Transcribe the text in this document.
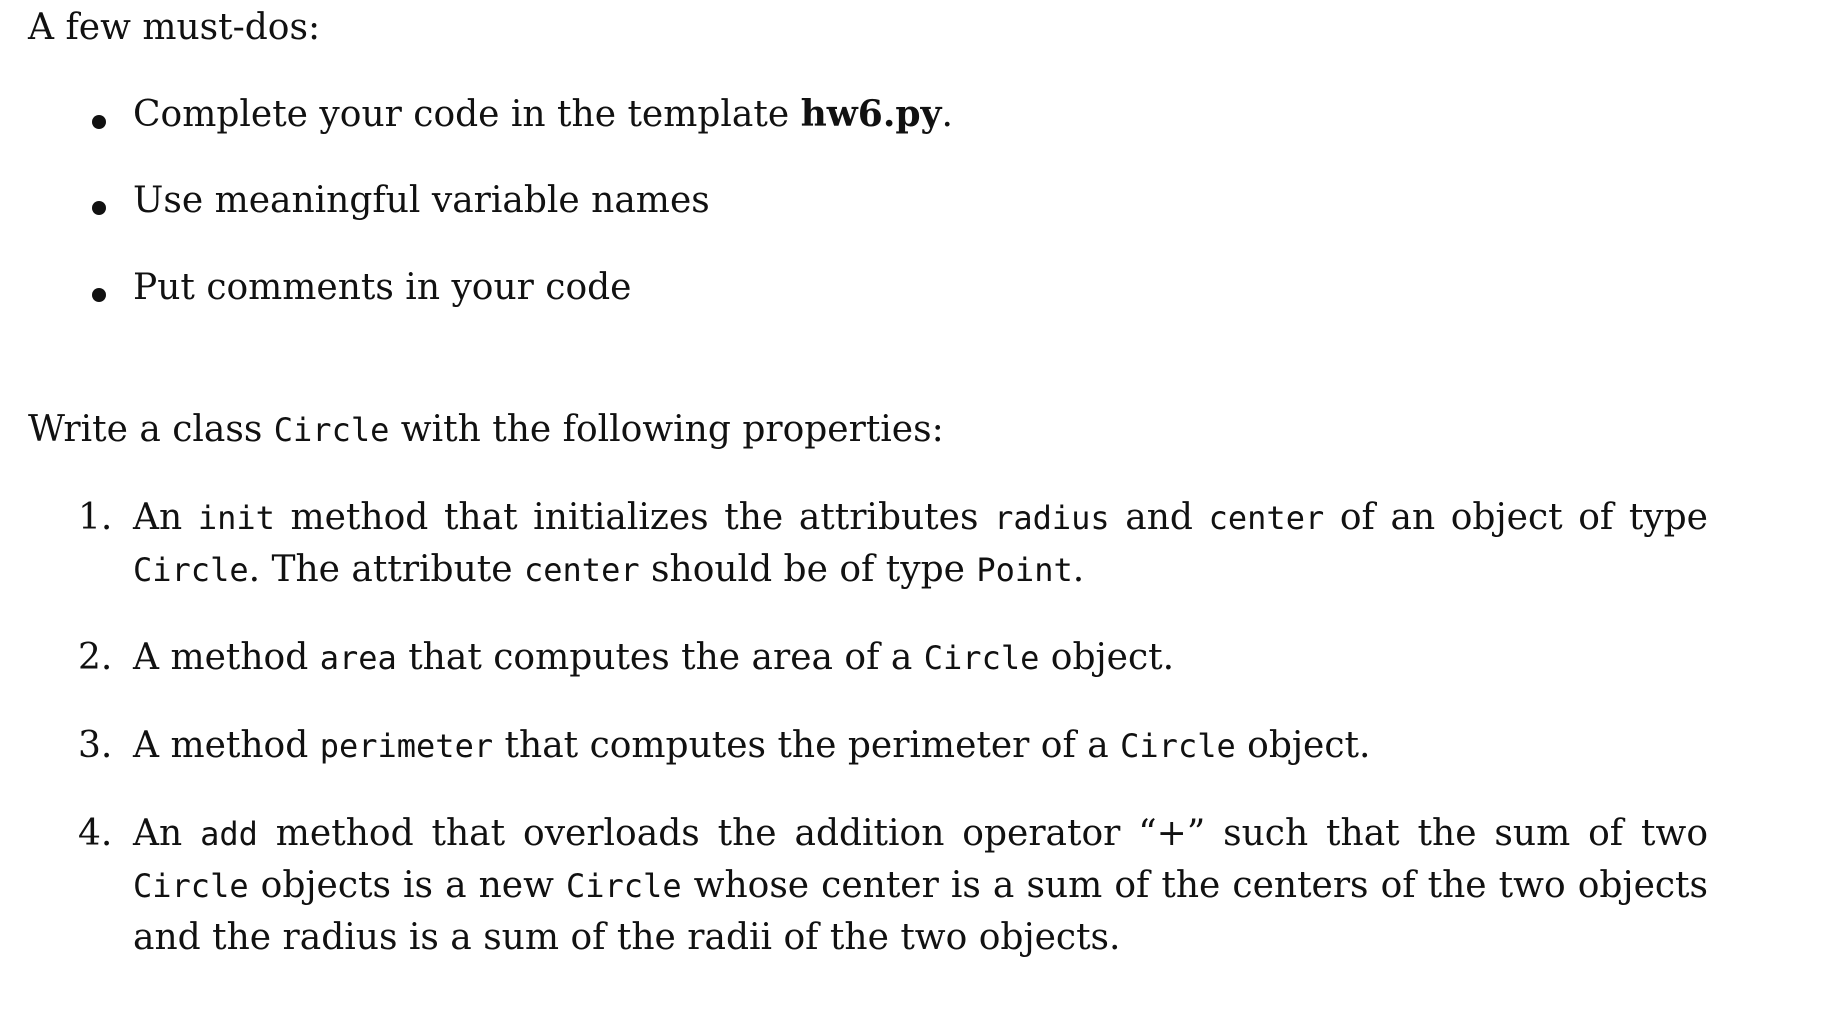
A few must-dos:
Complete your code in the template hw6.py.
Use meaningful variable names
Put comments in your code
Write a class Circle with the following properties:
1. An init method that initializes the attributes radius and center of an object of type
Circle. The attribute center should be of type Point.
2. A method area that computes the area of a Circle object.
3. A method perimeter that computes the perimeter of a Circle object.
4. An add method that overloads the addition operator “+” such that the sum of two
Circle objects is a new Circle whose center is a sum of the centers of the two objects
and the radius is a sum of the radii of the two objects.
